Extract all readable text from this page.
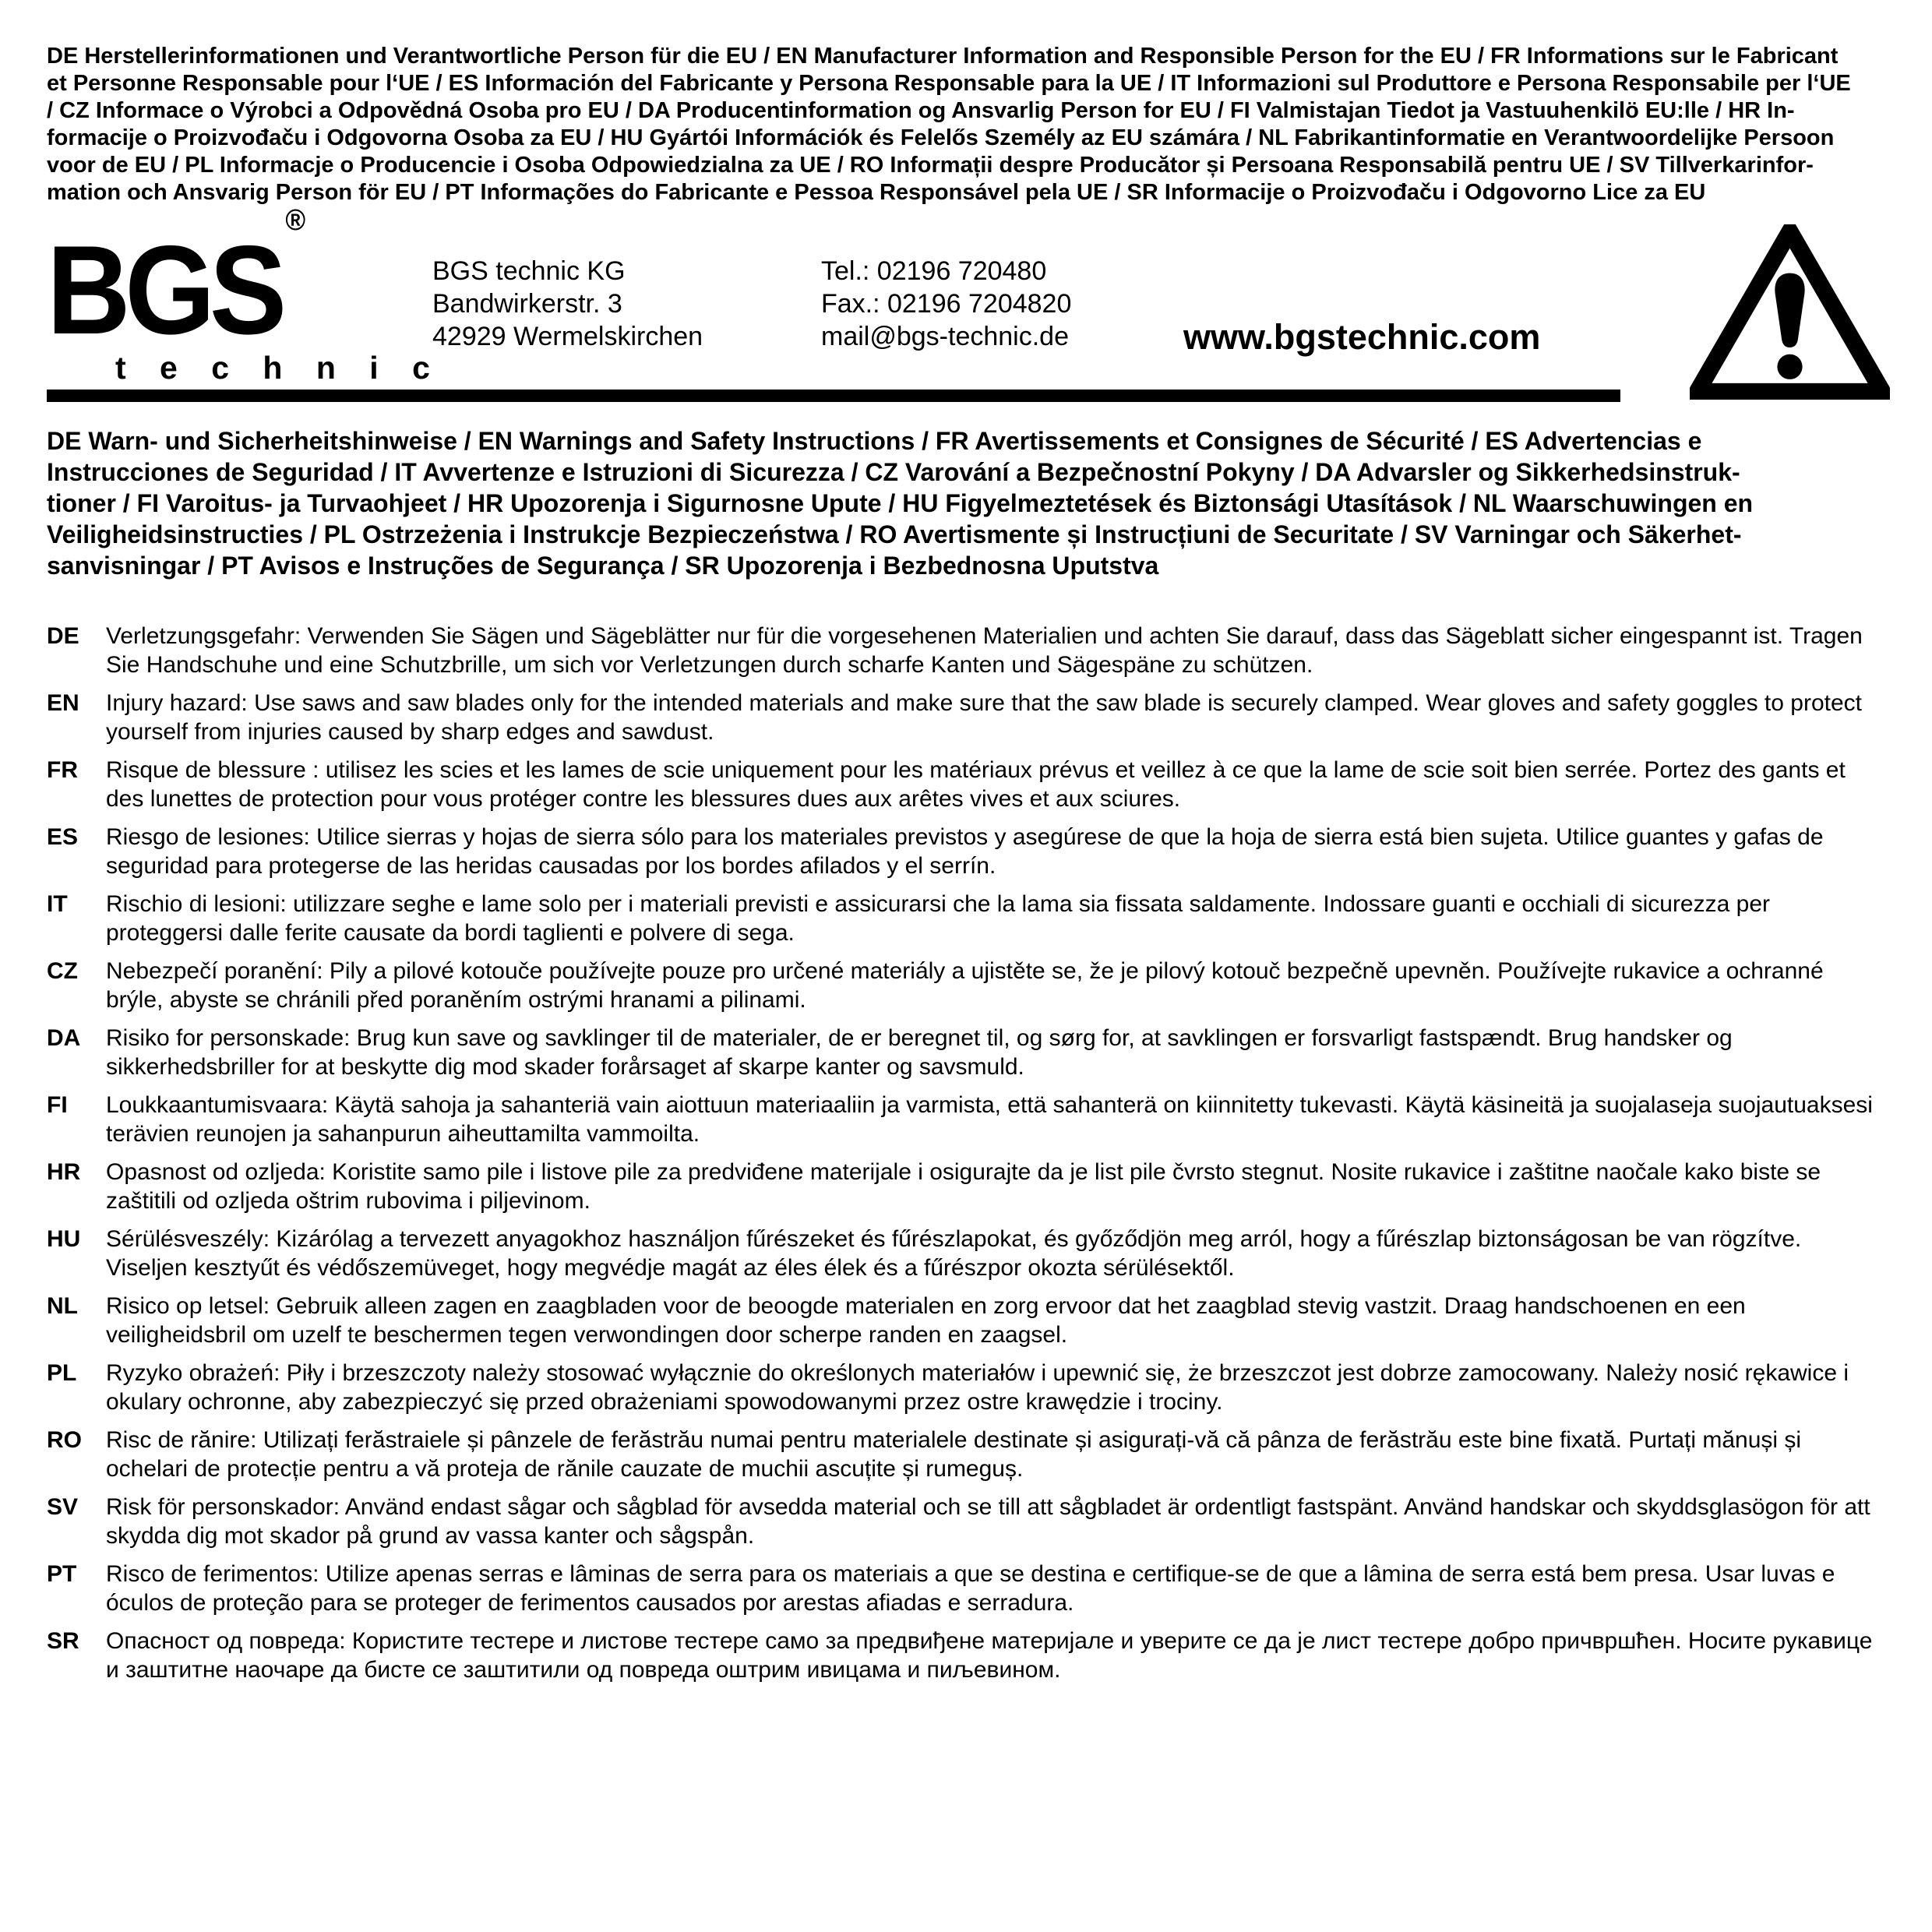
DE Herstellerinformationen und Verantwortliche Person für die EU / EN Manufacturer Information and Responsible Person for the EU / FR Informations sur le Fabricant
et Personne Responsable pour l‘UE / ES Información del Fabricante y Persona Responsable para la UE / IT Informazioni sul Produttore e Persona Responsabile per l‘UE
/ CZ Informace o Výrobci a Odpovědná Osoba pro EU / DA Producentinformation og Ansvarlig Person for EU / FI Valmistajan Tiedot ja Vastuuhenkilö EU:lle / HR In-
formacije o Proizvođaču i Odgovorna Osoba za EU / HU Gyártói Információk és Felelős Személy az EU számára / NL Fabrikantinformatie en Verantwoordelijke Persoon
voor de EU / PL Informacje o Producencie i Osoba Odpowiedzialna za UE / RO Informații despre Producător și Persoana Responsabilă pentru UE / SV Tillverkarinfor-
mation och Ansvarig Person för EU / PT Informações do Fabricante e Pessoa Responsável pela UE / SR Informacije o Proizvođaču i Odgovorno Lice za EU
BGS ®
t e c h n i c
BGS technic KG
Bandwirkerstr. 3
42929 Wermelskirchen
Tel.: 02196 720480
Fax.: 02196 7204820
mail@bgs-technic.de	www.bgstechnic.com
DE Warn- und Sicherheitshinweise / EN Warnings and Safety Instructions / FR Avertissements et Consignes de Sécurité / ES Advertencias e
Instrucciones de Seguridad / IT Avvertenze e Istruzioni di Sicurezza / CZ Varování a Bezpečnostní Pokyny / DA Advarsler og Sikkerhedsinstruk-
tioner / FI Varoitus- ja Turvaohjeet / HR Upozorenja i Sigurnosne Upute / HU Figyelmeztetések és Biztonsági Utasítások / NL Waarschuwingen en
Veiligheidsinstructies / PL Ostrzeżenia i Instrukcje Bezpieczeństwa / RO Avertismente și Instrucțiuni de Securitate / SV Varningar och Säkerhet-
sanvisningar / PT Avisos e Instruções de Segurança / SR Upozorenja i Bezbednosna Uputstva
DE	Verletzungsgefahr: Verwenden Sie Sägen und Sägeblätter nur für die vorgesehenen Materialien und achten Sie darauf, dass das Sägeblatt sicher eingespannt ist. Tragen Sie Handschuhe und eine Schutzbrille, um sich vor Verletzungen durch scharfe Kanten und Sägespäne zu schützen.

EN	Injury hazard: Use saws and saw blades only for the intended materials and make sure that the saw blade is securely clamped. Wear gloves and safety goggles to protect yourself from injuries caused by sharp edges and sawdust.

FR	Risque de blessure : utilisez les scies et les lames de scie uniquement pour les matériaux prévus et veillez à ce que la lame de scie soit bien serrée. Portez des gants et des lunettes de protection pour vous protéger contre les blessures dues aux arêtes vives et aux sciures.

ES	Riesgo de lesiones: Utilice sierras y hojas de sierra sólo para los materiales previstos y asegúrese de que la hoja de sierra está bien sujeta. Utilice guantes y gafas de seguridad para protegerse de las heridas causadas por los bordes afilados y el serrín.

IT	Rischio di lesioni: utilizzare seghe e lame solo per i materiali previsti e assicurarsi che la lama sia fissata saldamente. Indossare guanti e occhiali di sicurezza per proteggersi dalle ferite causate da bordi taglienti e polvere di sega.

CZ	Nebezpečí poranění: Pily a pilové kotouče používejte pouze pro určené materiály a ujistěte se, že je pilový kotouč bezpečně upevněn. Používejte rukavice a ochranné brýle, abyste se chránili před poraněním ostrými hranami a pilinami.

DA	Risiko for personskade: Brug kun save og savklinger til de materialer, de er beregnet til, og sørg for, at savklingen er forsvarligt fastspændt. Brug handsker og sikkerhedsbriller for at beskytte dig mod skader forårsaget af skarpe kanter og savsmuld.

FI	Loukkaantumisvaara: Käytä sahoja ja sahanteriä vain aiottuun materiaaliin ja varmista, että sahanterä on kiinnitetty tukevasti. Käytä käsineitä ja suojalaseja suojautuaksesi terävien reunojen ja sahanpurun aiheuttamilta vammoilta.

HR	Opasnost od ozljeda: Koristite samo pile i listove pile za predviđene materijale i osigurajte da je list pile čvrsto stegnut. Nosite rukavice i zaštitne naočale kako biste se zaštitili od ozljeda oštrim rubovima i piljevinom.

HU	Sérülésveszély: Kizárólag a tervezett anyagokhoz használjon fűrészeket és fűrészlapokat, és győződjön meg arról, hogy a fűrészlap biztonságosan be van rögzítve. Viseljen kesztyűt és védőszemüveget, hogy megvédje magát az éles élek és a fűrészpor okozta sérülésektől.

NL	Risico op letsel: Gebruik alleen zagen en zaagbladen voor de beoogde materialen en zorg ervoor dat het zaagblad stevig vastzit. Draag handschoenen en een veiligheidsbril om uzelf te beschermen tegen verwondingen door scherpe randen en zaagsel.

PL	Ryzyko obrażeń: Piły i brzeszczoty należy stosować wyłącznie do określonych materiałów i upewnić się, że brzeszczot jest dobrze zamocowany. Należy nosić rękawice i okulary ochronne, aby zabezpieczyć się przed obrażeniami spowodowanymi przez ostre krawędzie i trociny.

RO	Risc de rănire: Utilizați ferăstraiele și pânzele de ferăstrău numai pentru materialele destinate și asigurați-vă că pânza de ferăstrău este bine fixată. Purtați mănuși și ochelari de protecție pentru a vă proteja de rănile cauzate de muchii ascuțite și rumeguș.

SV	Risk för personskador: Använd endast sågar och sågblad för avsedda material och se till att sågbladet är ordentligt fastspänt. Använd handskar och skyddsglasögon för att skydda dig mot skador på grund av vassa kanter och sågspån.

PT	Risco de ferimentos: Utilize apenas serras e lâminas de serra para os materiais a que se destina e certifique-se de que a lâmina de serra está bem presa. Usar luvas e óculos de proteção para se proteger de ferimentos causados por arestas afiadas e serradura.

SR	Опасност од повреда: Користите тестере и листове тестере само за предвиђене материјале и уверите се да је лист тестере добро причвршћен. Носите рукавице и заштитне наочаре да бисте се заштитили од повреда оштрим ивицама и пиљевином.
